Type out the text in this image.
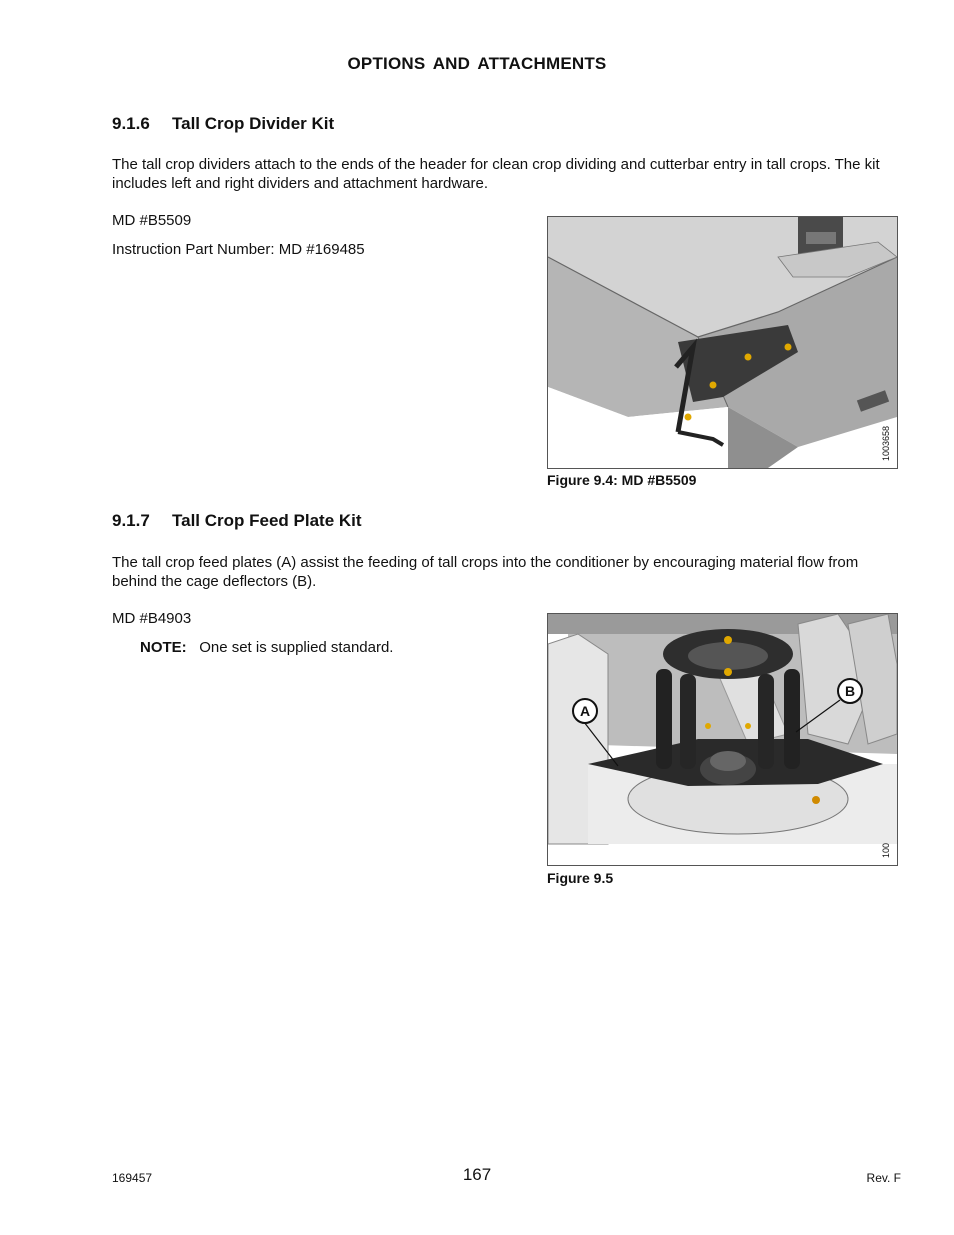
OPTIONS AND ATTACHMENTS
9.1.6 Tall Crop Divider Kit
The tall crop dividers attach to the ends of the header for clean crop dividing and cutterbar entry in tall crops. The kit includes left and right dividers and attachment hardware.
MD #B5509
Instruction Part Number: MD #169485
1003658
Figure 9.4: MD #B5509
9.1.7 Tall Crop Feed Plate Kit
The tall crop feed plates (A) assist the feeding of tall crops into the conditioner by encouraging material flow from behind the cage deflectors (B).
MD #B4903
NOTE: One set is supplied standard.
A
B
100
Figure 9.5
169457	167	Rev. F
